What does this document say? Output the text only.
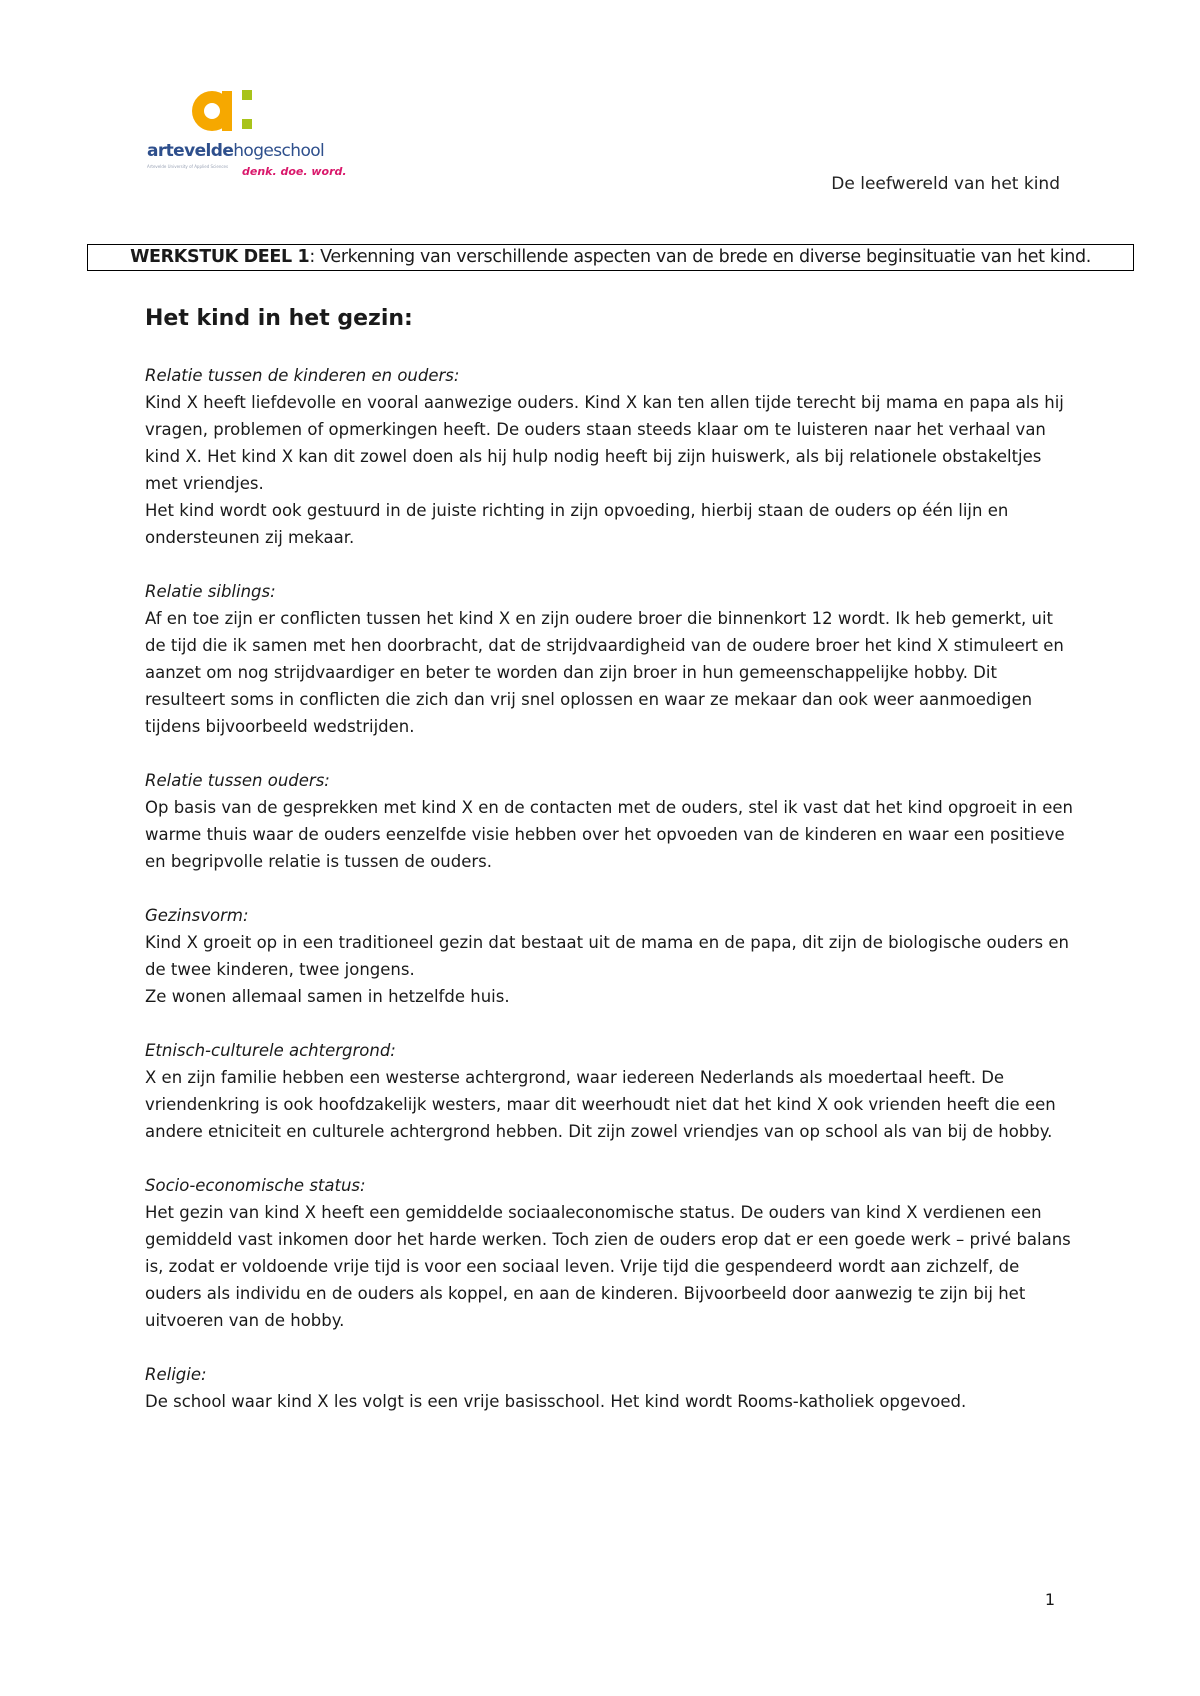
arteveldehogeschool
Artevelde University of Applied Sciences denk. doe. word.
De leefwereld van het kind
WERKSTUK DEEL 1: Verkenning van verschillende aspecten van de brede en diverse beginsituatie van het kind.
Het kind in het gezin:
Relatie tussen de kinderen en ouders:
Kind X heeft liefdevolle en vooral aanwezige ouders. Kind X kan ten allen tijde terecht bij mama en papa als hij vragen, problemen of opmerkingen heeft. De ouders staan steeds klaar om te luisteren naar het verhaal van kind X. Het kind X kan dit zowel doen als hij hulp nodig heeft bij zijn huiswerk, als bij relationele obstakeltjes met vriendjes.
Het kind wordt ook gestuurd in de juiste richting in zijn opvoeding, hierbij staan de ouders op één lijn en ondersteunen zij mekaar.
Relatie siblings:
Af en toe zijn er conflicten tussen het kind X en zijn oudere broer die binnenkort 12 wordt. Ik heb gemerkt, uit de tijd die ik samen met hen doorbracht, dat de strijdvaardigheid van de oudere broer het kind X stimuleert en aanzet om nog strijdvaardiger en beter te worden dan zijn broer in hun gemeenschappelijke hobby. Dit resulteert soms in conflicten die zich dan vrij snel oplossen en waar ze mekaar dan ook weer aanmoedigen tijdens bijvoorbeeld wedstrijden.
Relatie tussen ouders:
Op basis van de gesprekken met kind X en de contacten met de ouders, stel ik vast dat het kind opgroeit in een warme thuis waar de ouders eenzelfde visie hebben over het opvoeden van de kinderen en waar een positieve en begripvolle relatie is tussen de ouders.
Gezinsvorm:
Kind X groeit op in een traditioneel gezin dat bestaat uit de mama en de papa, dit zijn de biologische ouders en de twee kinderen, twee jongens.
Ze wonen allemaal samen in hetzelfde huis.
Etnisch-culturele achtergrond:
X en zijn familie hebben een westerse achtergrond, waar iedereen Nederlands als moedertaal heeft. De vriendenkring is ook hoofdzakelijk westers, maar dit weerhoudt niet dat het kind X ook vrienden heeft die een andere etniciteit en culturele achtergrond hebben. Dit zijn zowel vriendjes van op school als van bij de hobby.
Socio-economische status:
Het gezin van kind X heeft een gemiddelde sociaaleconomische status. De ouders van kind X verdienen een gemiddeld vast inkomen door het harde werken. Toch zien de ouders erop dat er een goede werk – privé balans is, zodat er voldoende vrije tijd is voor een sociaal leven. Vrije tijd die gespendeerd wordt aan zichzelf, de ouders als individu en de ouders als koppel, en aan de kinderen. Bijvoorbeeld door aanwezig te zijn bij het uitvoeren van de hobby.
Religie:
De school waar kind X les volgt is een vrije basisschool. Het kind wordt Rooms-katholiek opgevoed.
1
